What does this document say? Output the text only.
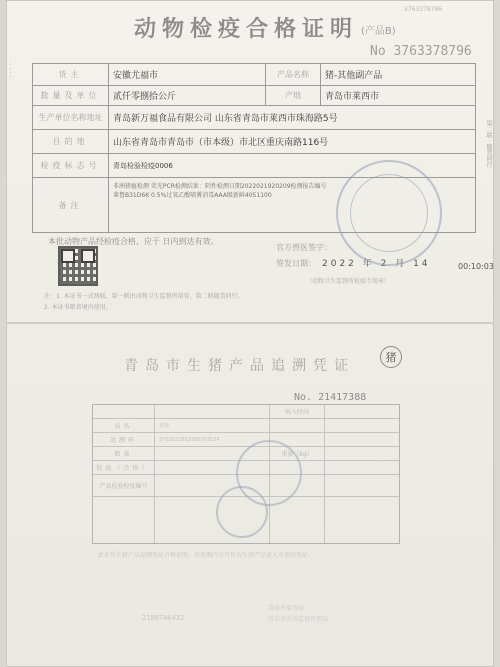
. . . . .
第二联 · 随货同行
3763378796
动物检疫合格证明 (产品B)
No 3763378796
货主	安徽尤福市	产品名称	猪-其他副产品
数量及单位	贰仟零捌拾公斤	产地	青岛市莱西市
生产单位名称地址	青岛新万福食品有限公司 山东省青岛市莱西市珠海路5号
目的地	山东省青岛市青岛市（市本级）市北区重庆南路116号
检疫标志号	青岛检验检疫0006
备注
非洲猪瘟检测 荧光PCR检测结果：阴性检测日期2022021920209检测报告编号
莱鲁B31D6K 0.5%过氧乙酸喷雾消毒AAA级新鲜4051100
本批动物产品经检疫合格，应于 日内到达有效。
官方兽医签字：
签发日期： 2022 年 2 月 14	00:10:03
（动物卫生监督所检疫专用章）
注：1. 本证书一式两联，第一联由动物卫生监督所留存，第二联随货同行。
2. 本证书限省境内使用。
青岛市生猪产品追溯凭证
猪
No. 21417388
购入时间
品名	其他
追溯码	3702021862980003524
数量	重量（kg）
检疫（合格）
产品检验检疫编号
此证凭生猪产品追溯凭证合格证明，有效期内方可作为生猪产品进入市场的凭证。
青岛市商务局
青岛市市场监督管理局
2100746432
